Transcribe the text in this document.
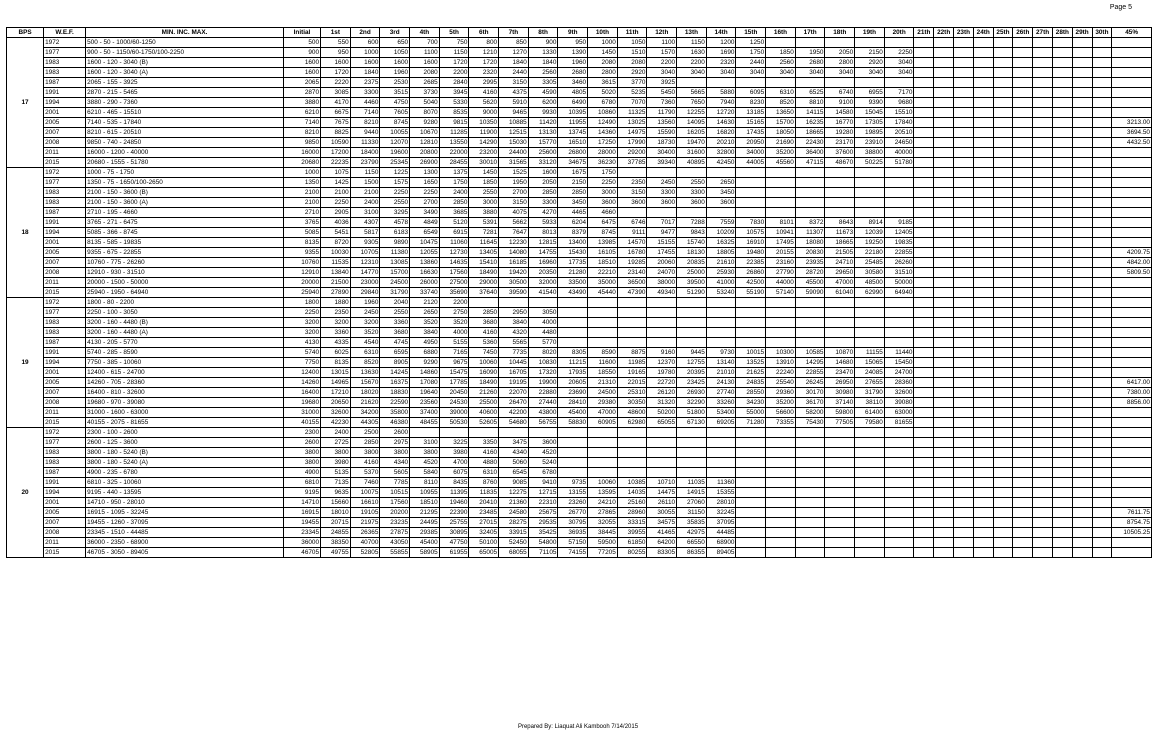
Page 5
BPS	W.E.F.	MIN. INC. MAX.	Initial	1st	2nd	3rd	4th	5th	6th	7th	8th	9th	10th	11th	12th	13th	14th	15th	16th	17th	18th	19th	20th	21th	22th	23th	24th	25th	26th	27th	28th	29th	30th	45%
17	1972	500 - 50 - 1000/60-1250	500	550	600	650	700	750	800	850	900	950	1000	1050	1100	1150	1200	1250																
	1977	900 - 50 - 1150/60-1750/100-2250	900	950	1000	1050	1100	1150	1210	1270	1330	1390	1450	1510	1570	1630	1690	1750	1850	1950	2050	2150	2250											
	1983	1600 - 120 - 3040 (B)	1600	1600	1600	1600	1600	1720	1720	1840	1840	1960	2080	2080	2200	2200	2320	2440	2560	2680	2800	2920	3040											
	1983	1600 - 120 - 3040 (A)	1600	1720	1840	1960	2080	2200	2320	2440	2560	2680	2800	2920	3040	3040	3040	3040	3040	3040	3040	3040	3040											
	1987	2065 - 155 - 3925	2065	2220	2375	2530	2685	2840	2995	3150	3305	3460	3615	3770	3925																			
	1991	2870 - 215 - 5465	2870	3085	3300	3515	3730	3945	4160	4375	4590	4805	5020	5235	5450	5665	5880	6095	6310	6525	6740	6955	7170											
	1994	3880 - 290 - 7360	3880	4170	4460	4750	5040	5330	5620	5910	6200	6490	6780	7070	7360	7650	7940	8230	8520	8810	9100	9390	9680											
	2001	6210 - 465 - 15510	6210	6675	7140	7605	8070	8535	9000	9465	9930	10395	10860	11325	11790	12255	12720	13185	13650	14115	14580	15045	15510											
	2005	7140 - 535 - 17840	7140	7675	8210	8745	9280	9815	10350	10885	11420	11955	12490	13025	13560	14095	14630	15165	15700	16235	16770	17305	17840											3213.00
	2007	8210 - 615 - 20510	8210	8825	9440	10055	10670	11285	11900	12515	13130	13745	14360	14975	15590	16205	16820	17435	18050	18665	19280	19895	20510											3694.50
	2008	9850 - 740 - 24850	9850	10590	11330	12070	12810	13550	14290	15030	15770	16510	17250	17990	18730	19470	20210	20950	21690	22430	23170	23910	24650											4432.50
	2011	16000 - 1200 - 40000	16000	17200	18400	19600	20800	22000	23200	24400	25600	26800	28000	29200	30400	31600	32800	34000	35200	36400	37600	38800	40000											
	2015	20680 - 1555 - 51780	20680	22235	23790	25345	26900	28455	30010	31565	33120	34675	36230	37785	39340	40895	42450	44005	45560	47115	48670	50225	51780											
18	1972	1000 - 75 - 1750	1000	1075	1150	1225	1300	1375	1450	1525	1600	1675	1750																					
	1977	1350 - 75 - 1650/100-2650	1350	1425	1500	1575	1650	1750	1850	1950	2050	2150	2250	2350	2450	2550	2650																	
	1983	2100 - 150 - 3600 (B)	2100	2100	2100	2250	2250	2400	2550	2700	2850	2850	3000	3150	3300	3300	3450																	
	1983	2100 - 150 - 3600 (A)	2100	2250	2400	2550	2700	2850	3000	3150	3300	3450	3600	3600	3600	3600	3600																	
	1987	2710 - 195 - 4660	2710	2905	3100	3295	3490	3685	3880	4075	4270	4465	4660																					
	1991	3765 - 271 - 6475	3765	4036	4307	4578	4849	5120	5391	5662	5933	6204	6475	6746	7017	7288	7559	7830	8101	8372	8643	8914	9185											
	1994	5085 - 366 - 8745	5085	5451	5817	6183	6549	6915	7281	7647	8013	8379	8745	9111	9477	9843	10209	10575	10941	11307	11673	12039	12405											
	2001	8135 - 585 - 19835	8135	8720	9305	9890	10475	11060	11645	12230	12815	13400	13985	14570	15155	15740	16325	16910	17495	18080	18665	19250	19835											
	2005	9355 - 675 - 22855	9355	10030	10705	11380	12055	12730	13405	14080	14755	15430	16105	16780	17455	18130	18805	19480	20155	20830	21505	22180	22855											4209.75
	2007	10760 - 775 - 26260	10760	11535	12310	13085	13860	14635	15410	16185	16960	17735	18510	19285	20060	20835	21610	22385	23160	23935	24710	25485	26260											4842.00
	2008	12910 - 930 - 31510	12910	13840	14770	15700	16630	17560	18490	19420	20350	21280	22210	23140	24070	25000	25930	26860	27790	28720	29650	30580	31510											5809.50
	2011	20000 - 1500 - 50000	20000	21500	23000	24500	26000	27500	29000	30500	32000	33500	35000	36500	38000	39500	41000	42500	44000	45500	47000	48500	50000											
	2015	25940 - 1950 - 64940	25940	27890	29840	31790	33740	35690	37640	39590	41540	43490	45440	47390	49340	51290	53240	55190	57140	59090	61040	62990	64940											
19	1972	1800 - 80 - 2200	1800	1880	1960	2040	2120	2200																										
	1977	2250 - 100 - 3050	2250	2350	2450	2550	2650	2750	2850	2950	3050																							
	1983	3200 - 160 - 4480 (B)	3200	3200	3200	3360	3520	3520	3680	3840	4000																							
	1983	3200 - 160 - 4480 (A)	3200	3360	3520	3680	3840	4000	4160	4320	4480																							
	1987	4130 - 205 - 5770	4130	4335	4540	4745	4950	5155	5360	5565	5770																							
	1991	5740 - 285 - 8590	5740	6025	6310	6595	6880	7165	7450	7735	8020	8305	8590	8875	9160	9445	9730	10015	10300	10585	10870	11155	11440											
	1994	7750 - 385 - 10060	7750	8135	8520	8905	9290	9675	10060	10445	10830	11215	11600	11985	12370	12755	13140	13525	13910	14295	14680	15065	15450											
	2001	12400 - 615 - 24700	12400	13015	13630	14245	14860	15475	16090	16705	17320	17935	18550	19165	19780	20395	21010	21625	22240	22855	23470	24085	24700											
	2005	14260 - 705 - 28360	14260	14965	15670	16375	17080	17785	18490	19195	19900	20605	21310	22015	22720	23425	24130	24835	25540	26245	26950	27655	28360											6417.00
	2007	16400 - 810 - 32600	16400	17210	18020	18830	19640	20450	21260	22070	22880	23690	24500	25310	26120	26930	27740	28550	29360	30170	30980	31790	32600											7380.00
	2008	19680 - 970 - 39080	19680	20650	21620	22590	23560	24530	25500	26470	27440	28410	29380	30350	31320	32290	33260	34230	35200	36170	37140	38110	39080											8856.00
	2011	31000 - 1600 - 63000	31000	32600	34200	35800	37400	39000	40600	42200	43800	45400	47000	48600	50200	51800	53400	55000	56600	58200	59800	61400	63000											
	2015	40155 - 2075 - 81655	40155	42230	44305	46380	48455	50530	52605	54680	56755	58830	60905	62980	65055	67130	69205	71280	73355	75430	77505	79580	81655											
20	1972	2300 - 100 - 2600	2300	2400	2500	2600																												
	1977	2600 - 125 - 3600	2600	2725	2850	2975	3100	3225	3350	3475	3600																							
	1983	3800 - 180 - 5240 (B)	3800	3800	3800	3800	3800	3980	4160	4340	4520																							
	1983	3800 - 180 - 5240 (A)	3800	3980	4160	4340	4520	4700	4880	5060	5240																							
	1987	4900 - 235 - 6780	4900	5135	5370	5605	5840	6075	6310	6545	6780																							
	1991	6810 - 325 - 10060	6810	7135	7460	7785	8110	8435	8760	9085	9410	9735	10060	10385	10710	11035	11360																	
	1994	9195 - 440 - 13595	9195	9635	10075	10515	10955	11395	11835	12275	12715	13155	13595	14035	14475	14915	15355																	
	2001	14710 - 950 - 28010	14710	15660	16610	17560	18510	19460	20410	21360	22310	23260	24210	25160	26110	27060	28010																	
	2005	16915 - 1095 - 32245	16915	18010	19105	20200	21295	22390	23485	24580	25675	26770	27865	28960	30055	31150	32245																	7611.75
	2007	19455 - 1260 - 37095	19455	20715	21975	23235	24495	25755	27015	28275	29535	30795	32055	33315	34575	35835	37095																	8754.75
	2008	23345 - 1510 - 44485	23345	24855	26365	27875	29385	30895	32405	33915	35425	36935	38445	39955	41465	42975	44485																	10505.25
	2011	36000 - 2350 - 68900	36000	38350	40700	43050	45400	47750	50100	52450	54800	57150	59500	61850	64200	66550	68900																	
	2015	46705 - 3050 - 89405	46705	49755	52805	55855	58905	61955	65005	68055	71105	74155	77205	80255	83305	86355	89405																	
Prepared By: Liaquat Ali Kambooh 7/14/2015
